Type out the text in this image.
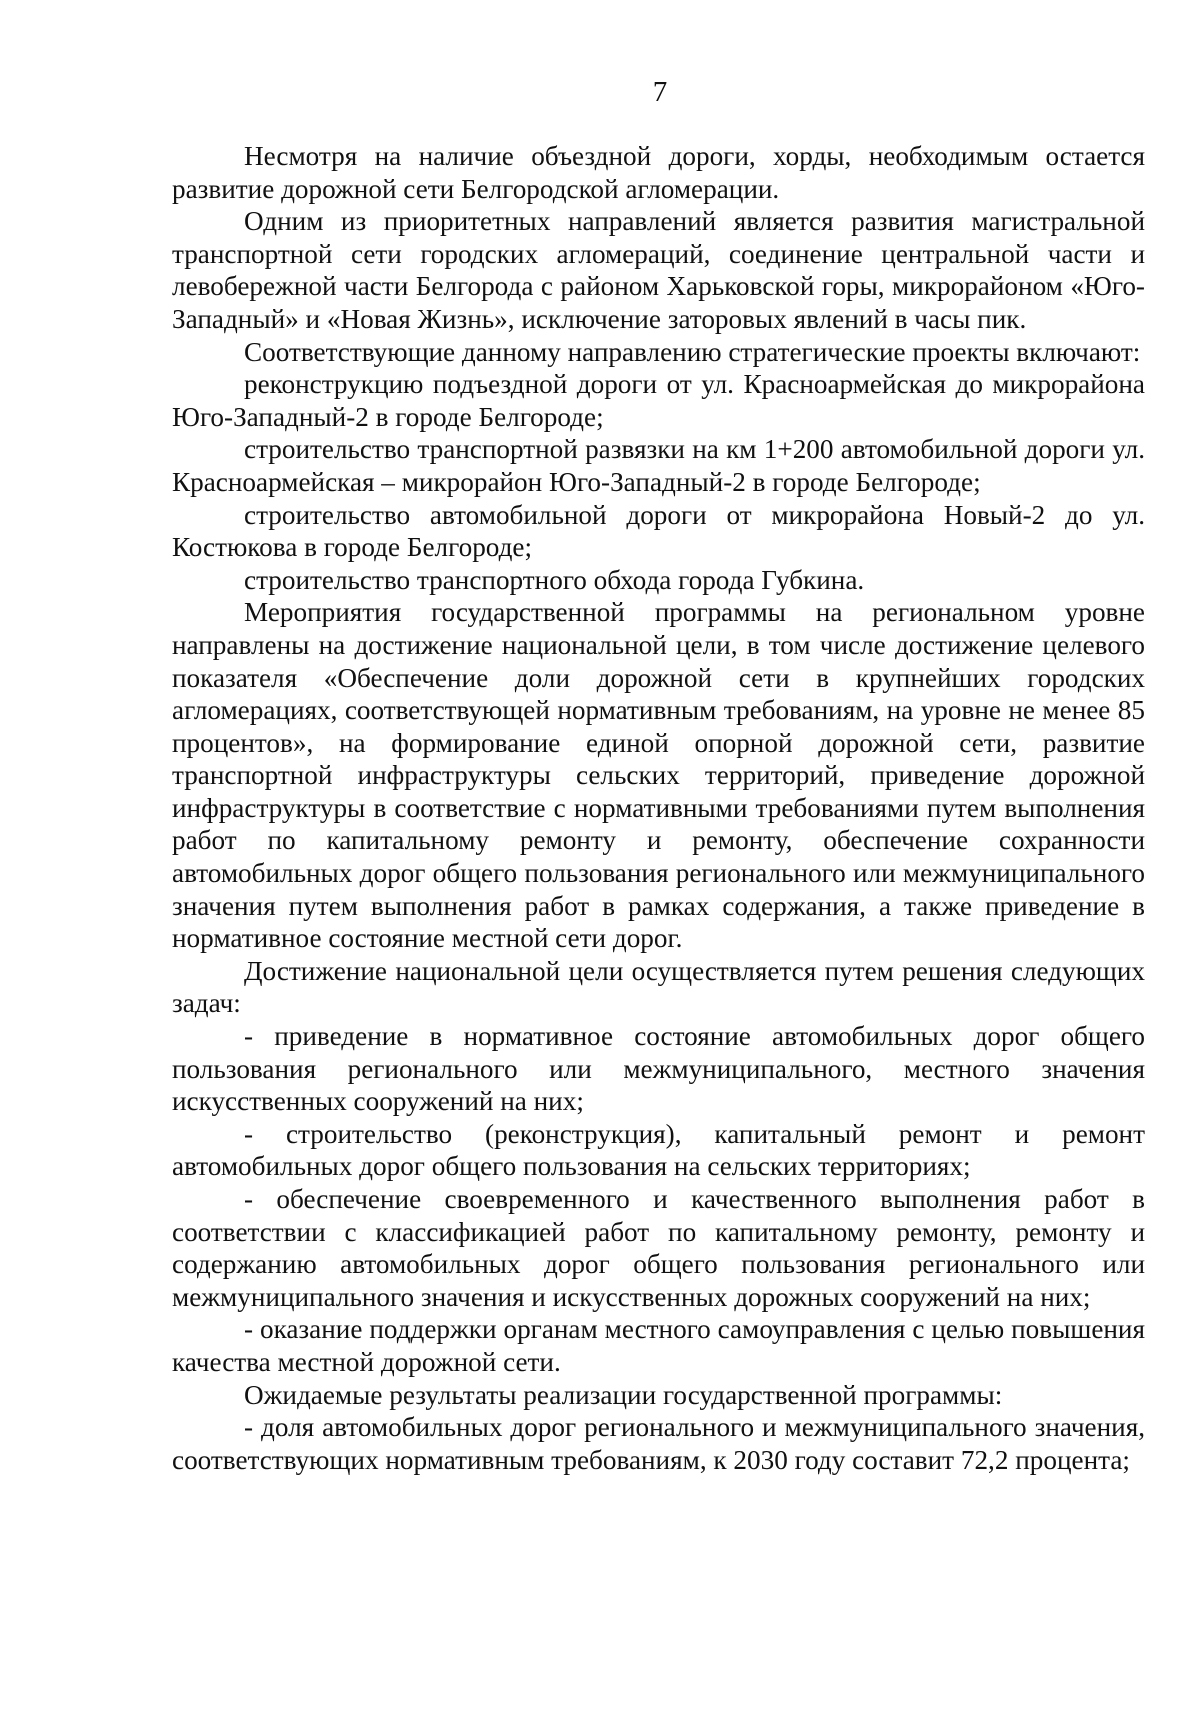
7

Несмотря на наличие объездной дороги, хорды, необходимым остается развитие дорожной сети Белгородской агломерации.

Одним из приоритетных направлений является развития магистральной транспортной сети городских агломераций, соединение центральной части и левобережной части Белгорода с районом Харьковской горы, микрорайоном «Юго-Западный» и «Новая Жизнь», исключение заторовых явлений в часы пик.

Соответствующие данному направлению стратегические проекты включают:

реконструкцию подъездной дороги от ул. Красноармейская до микрорайона Юго-Западный-2 в городе Белгороде;

строительство транспортной развязки на км 1+200 автомобильной дороги ул. Красноармейская – микрорайон Юго-Западный-2 в городе Белгороде;

строительство автомобильной дороги от микрорайона Новый-2 до ул. Костюкова в городе Белгороде;

строительство транспортного обхода города Губкина.

Мероприятия государственной программы на региональном уровне направлены на достижение национальной цели, в том числе достижение целевого показателя «Обеспечение доли дорожной сети в крупнейших городских агломерациях, соответствующей нормативным требованиям, на уровне не менее 85 процентов», на формирование единой опорной дорожной сети, развитие транспортной инфраструктуры сельских территорий, приведение дорожной инфраструктуры в соответствие с нормативными требованиями путем выполнения работ по капитальному ремонту и ремонту, обеспечение сохранности автомобильных дорог общего пользования регионального или межмуниципального значения путем выполнения работ в рамках содержания, а также приведение в нормативное состояние местной сети дорог.

Достижение национальной цели осуществляется путем решения следующих задач:

- приведение в нормативное состояние автомобильных дорог общего пользования регионального или межмуниципального, местного значения искусственных сооружений на них;

- строительство (реконструкция), капитальный ремонт и ремонт автомобильных дорог общего пользования на сельских территориях;

- обеспечение своевременного и качественного выполнения работ в соответствии с классификацией работ по капитальному ремонту, ремонту и содержанию автомобильных дорог общего пользования регионального или межмуниципального значения и искусственных дорожных сооружений на них;

- оказание поддержки органам местного самоуправления с целью повышения качества местной дорожной сети.

Ожидаемые результаты реализации государственной программы:

- доля автомобильных дорог регионального и межмуниципального значения, соответствующих нормативным требованиям, к 2030 году составит 72,2 процента;
